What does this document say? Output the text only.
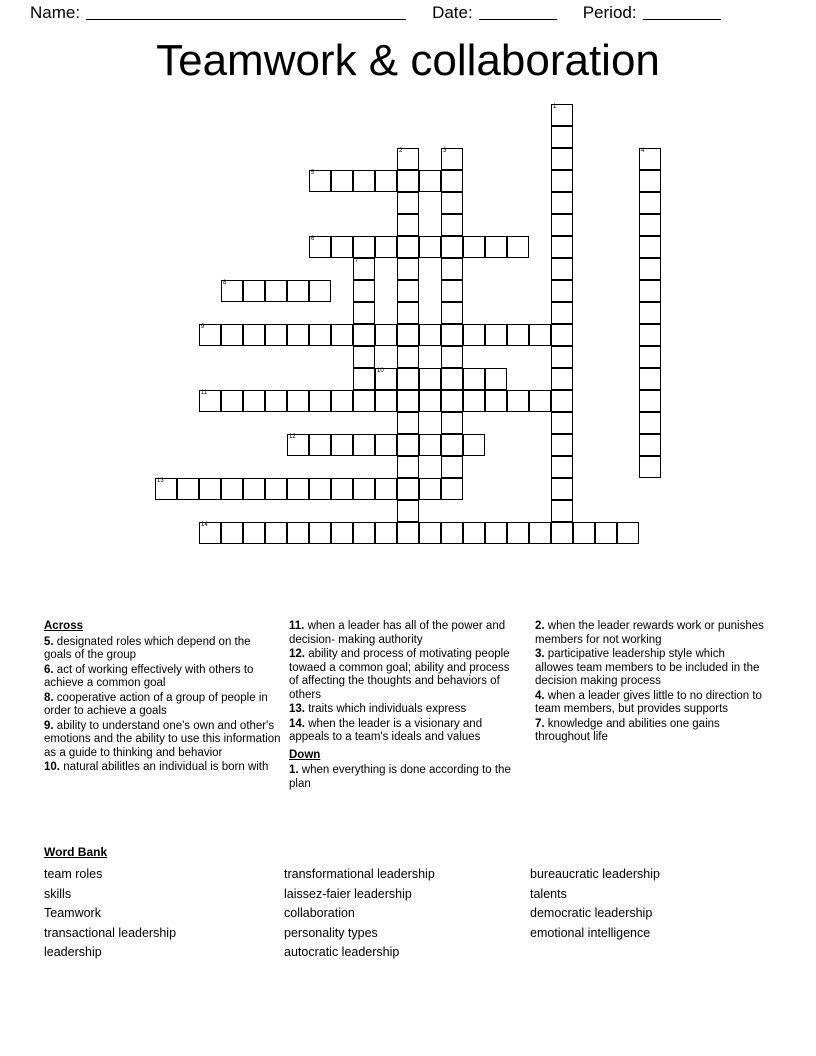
Name:	Date:	Period:
Teamwork & collaboration
1
2	3	4
5
6
7
8
9
10
11
12
13
14
Across
5. designated roles which depend on the goals of the group
6. act of working effectively with others to achieve a common goal
8. cooperative action of a group of people in order to achieve a goals
9. ability to understand one's own and other's emotions and the ability to use this information as a guide to thinking and behavior
10. natural abilitles an individual is born with
11. when a leader has all of the power and decision- making authority
12. ability and process of motivating people towaed a common goal; ability and process of affecting the thoughts and behaviors of others
13. traits which individuals express
14. when the leader is a visionary and appeals to a team's ideals and values
Down
1. when everything is done according to the plan
2. when the leader rewards work or punishes members for not working
3. participative leadership style which allowes team members to be included in the decision making process
4. when a leader gives little to no direction to team members, but provides supports
7. knowledge and abilities one gains throughout life
Word Bank
team roles
skills
Teamwork
transactional leadership
leadership
transformational leadership
laissez-faier leadership
collaboration
personality types
autocratic leadership
bureaucratic leadership
talents
democratic leadership
emotional intelligence
